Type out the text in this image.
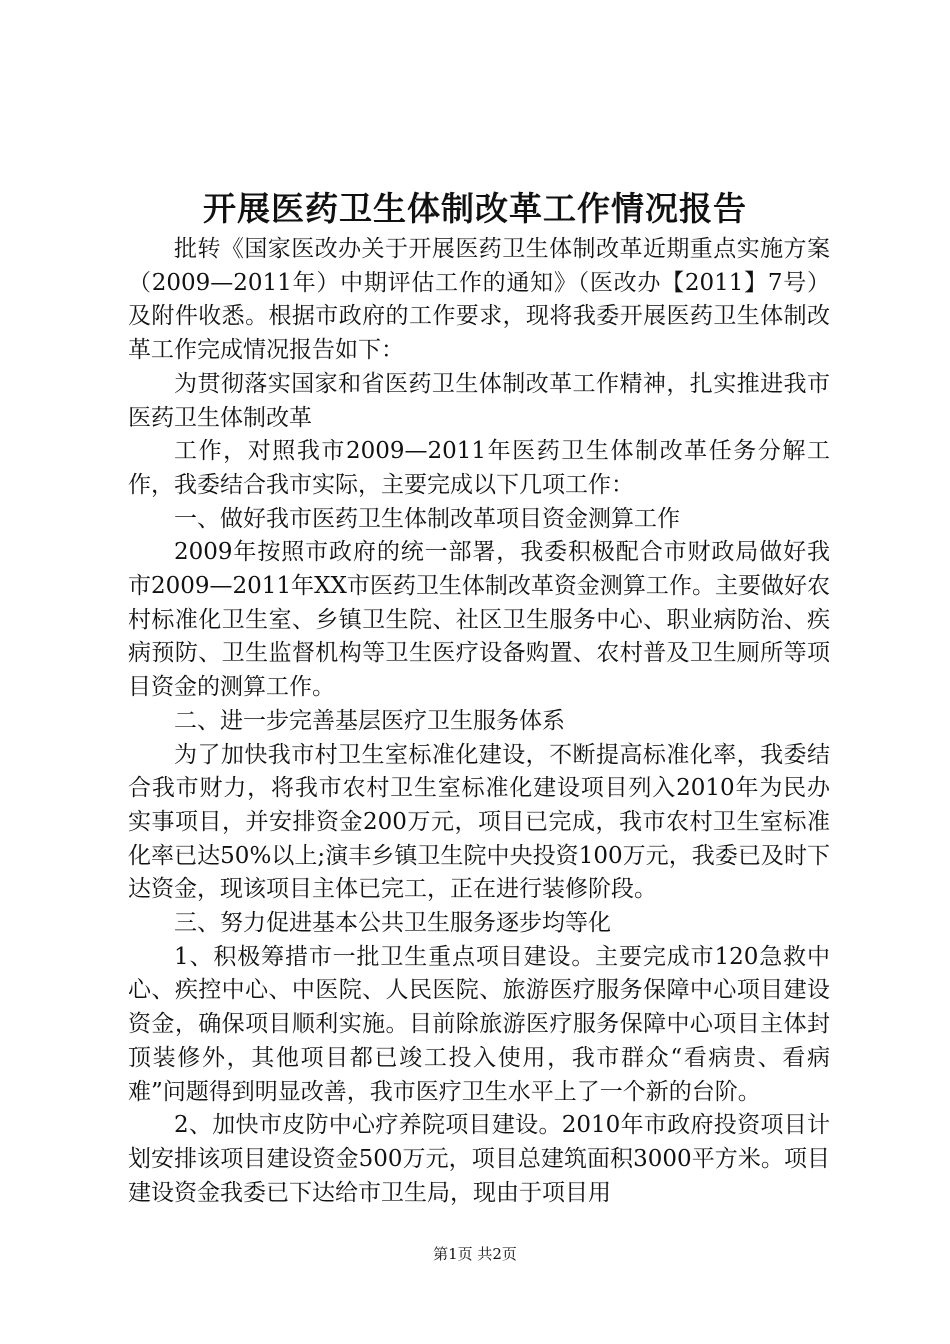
开展医药卫生体制改革工作情况报告

批转《国家医改办关于开展医药卫生体制改革近期重点实施方案（2009—2011年）中期评估工作的通知》（医改办【2011】7号）及附件收悉。根据市政府的工作要求，现将我委开展医药卫生体制改革工作完成情况报告如下：

为贯彻落实国家和省医药卫生体制改革工作精神，扎实推进我市医药卫生体制改革

工作，对照我市2009—2011年医药卫生体制改革任务分解工作，我委结合我市实际，主要完成以下几项工作：

一、做好我市医药卫生体制改革项目资金测算工作

2009年按照市政府的统一部署，我委积极配合市财政局做好我市2009—2011年XX市医药卫生体制改革资金测算工作。主要做好农村标准化卫生室、乡镇卫生院、社区卫生服务中心、职业病防治、疾病预防、卫生监督机构等卫生医疗设备购置、农村普及卫生厕所等项目资金的测算工作。

二、进一步完善基层医疗卫生服务体系

为了加快我市村卫生室标准化建设，不断提高标准化率，我委结合我市财力，将我市农村卫生室标准化建设项目列入2010年为民办实事项目，并安排资金200万元，项目已完成，我市农村卫生室标准化率已达50%以上;演丰乡镇卫生院中央投资100万元，我委已及时下达资金，现该项目主体已完工，正在进行装修阶段。

三、努力促进基本公共卫生服务逐步均等化

1、积极筹措市一批卫生重点项目建设。主要完成市120急救中心、疾控中心、中医院、人民医院、旅游医疗服务保障中心项目建设资金，确保项目顺利实施。目前除旅游医疗服务保障中心项目主体封顶装修外，其他项目都已竣工投入使用，我市群众“看病贵、看病难”问题得到明显改善，我市医疗卫生水平上了一个新的台阶。

2、加快市皮防中心疗养院项目建设。2010年市政府投资项目计划安排该项目建设资金500万元，项目总建筑面积3000平方米。项目建设资金我委已下达给市卫生局，现由于项目用

第1页 共2页
